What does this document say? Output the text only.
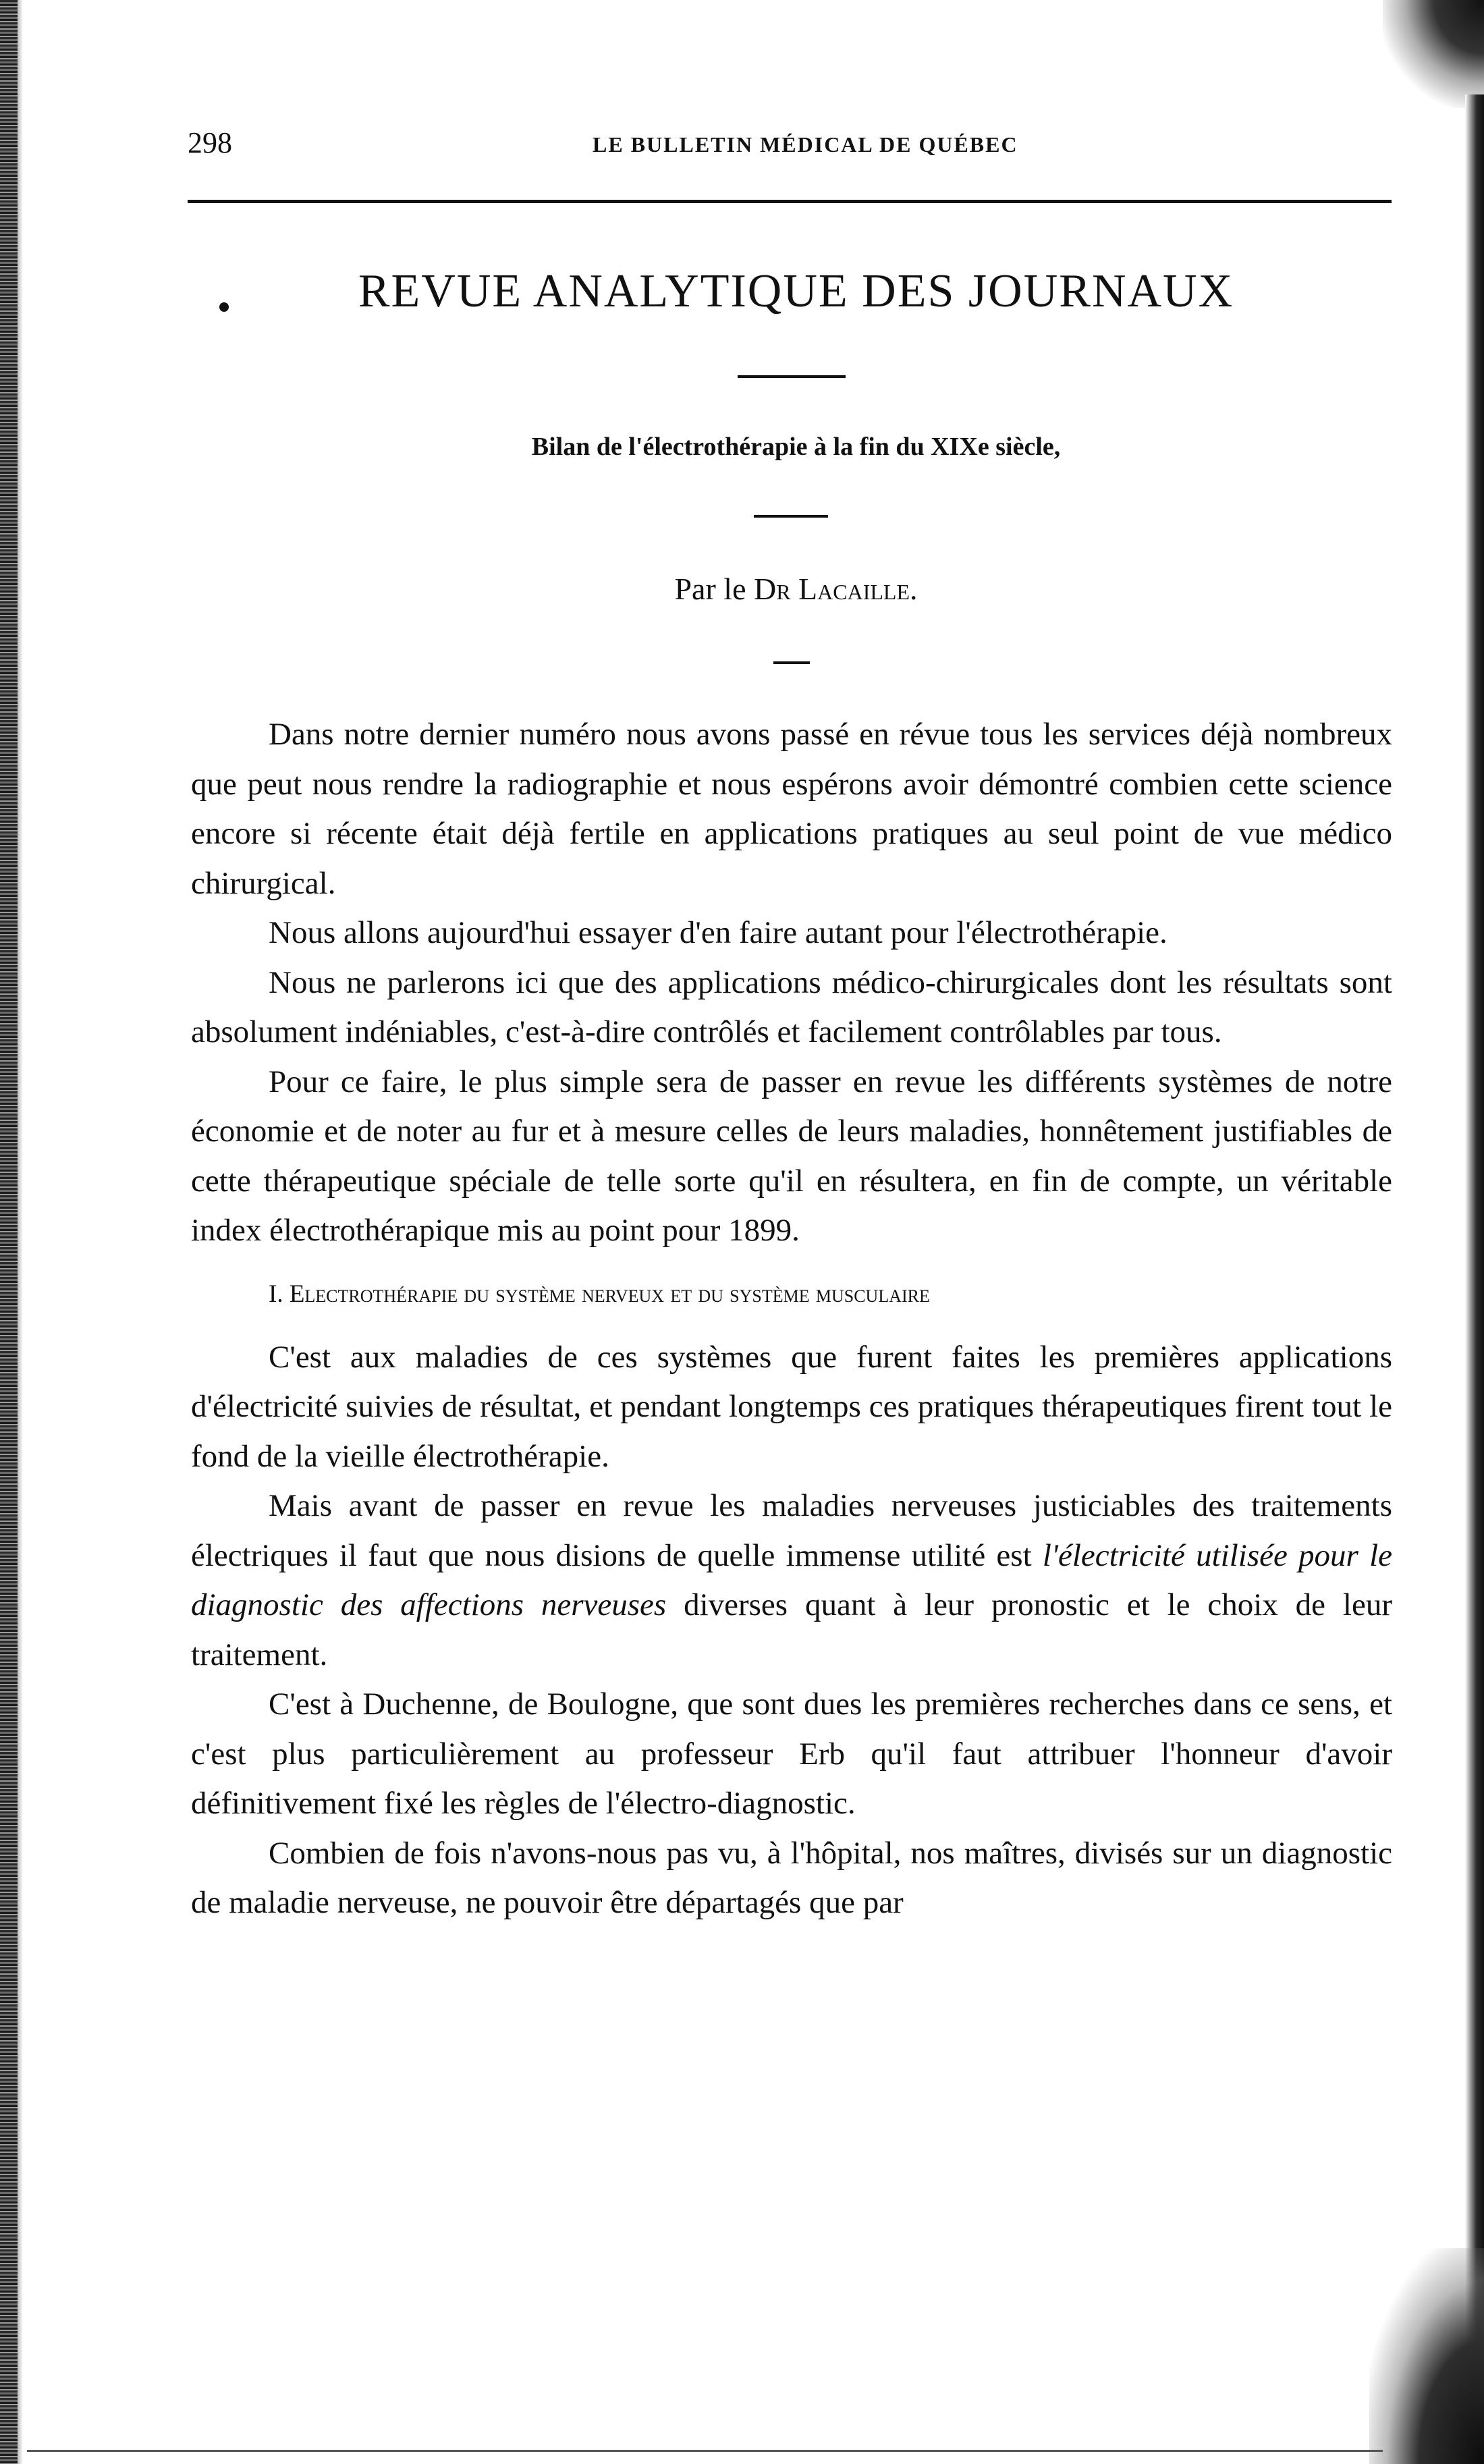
298	LE BULLETIN MÉDICAL DE QUÉBEC
REVUE ANALYTIQUE DES JOURNAUX
Bilan de l'électrothérapie à la fin du XIXe siècle,
Par le Dr Lacaille.

Dans notre dernier numéro nous avons passé en révue tous les services déjà nombreux que peut nous rendre la radiographie et nous espérons avoir démontré combien cette science encore si récente était déjà fertile en applications pratiques au seul point de vue médico chirurgical.

Nous allons aujourd'hui essayer d'en faire autant pour l'électrothérapie.

Nous ne parlerons ici que des applications médico-chirurgicales dont les résultats sont absolument indéniables, c'est-à-dire contrôlés et facilement contrôlables par tous.

Pour ce faire, le plus simple sera de passer en revue les différents systèmes de notre économie et de noter au fur et à mesure celles de leurs maladies, honnêtement justifiables de cette thérapeutique spéciale de telle sorte qu'il en résultera, en fin de compte, un véritable index électrothérapique mis au point pour 1899.

I. Electrothérapie du système nerveux et du système musculaire

C'est aux maladies de ces systèmes que furent faites les premières applications d'électricité suivies de résultat, et pendant longtemps ces pratiques thérapeutiques firent tout le fond de la vieille électrothérapie.

Mais avant de passer en revue les maladies nerveuses justiciables des traitements électriques il faut que nous disions de quelle immense utilité est l'électricité utilisée pour le diagnostic des affections nerveuses diverses quant à leur pronostic et le choix de leur traitement.

C'est à Duchenne, de Boulogne, que sont dues les premières recherches dans ce sens, et c'est plus particulièrement au professeur Erb qu'il faut attribuer l'honneur d'avoir définitivement fixé les règles de l'électro-diagnostic.

Combien de fois n'avons-nous pas vu, à l'hôpital, nos maîtres, divisés sur un diagnostic de maladie nerveuse, ne pouvoir être départagés que par
